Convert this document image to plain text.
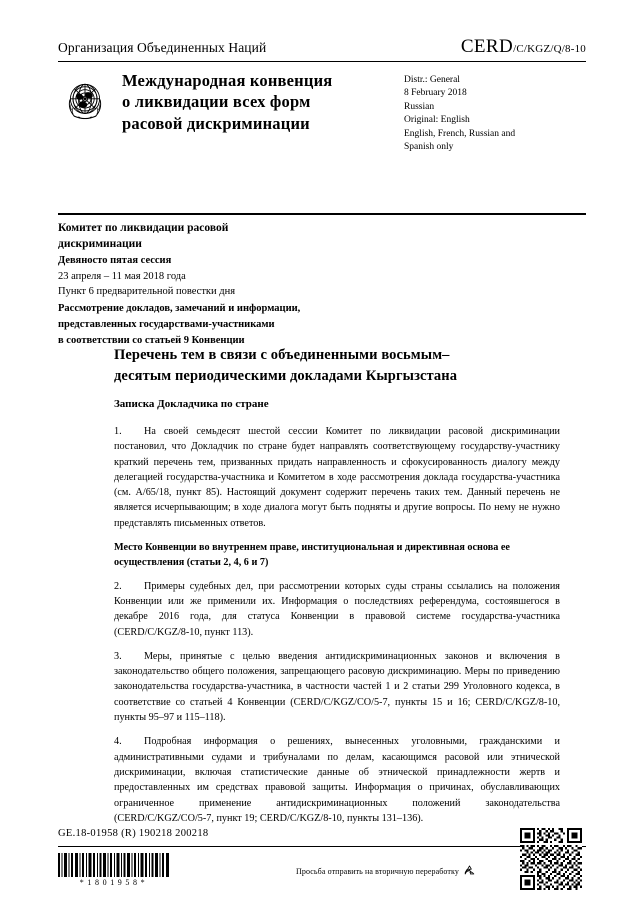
Организация Объединенных Наций	CERD/C/KGZ/Q/8-10
Международная конвенция
о ликвидации всех форм
расовой дискриминации
Distr.: General
8 February 2018
Russian
Original: English
English, French, Russian and
Spanish only
Комитет по ликвидации расовой
дискриминации
Девяносто пятая сессия
23 апреля – 11 мая 2018 года
Пункт 6 предварительной повестки дня
Рассмотрение докладов, замечаний и информации,
представленных государствами-участниками
в соответствии со статьей 9 Конвенции
Перечень тем в связи с объединенными восьмым–
десятым периодическими докладами Кыргызстана
Записка Докладчика по стране

1. На своей семьдесят шестой сессии Комитет по ликвидации расовой дискриминации постановил, что Докладчик по стране будет направлять соответствующему государству-участнику краткий перечень тем, призванных придать направленность и сфокусированность диалогу между делегацией государства-участника и Комитетом в ходе рассмотрения доклада государства-участника (см. A/65/18, пункт 85). Настоящий документ содержит перечень таких тем. Данный перечень не является исчерпывающим; в ходе диалога могут быть подняты и другие вопросы. По нему не нужно представлять письменных ответов.

Место Конвенции во внутреннем праве, институциональная и директивная основа ее осуществления (статьи 2, 4, 6 и 7)

2. Примеры судебных дел, при рассмотрении которых суды страны ссылались на положения Конвенции или же применили их. Информация о последствиях референдума, состоявшегося в декабре 2016 года, для статуса Конвенции в правовой системе государства-участника (CERD/C/KGZ/8-10, пункт 113).

3. Меры, принятые с целью введения антидискриминационных законов и включения в законодательство общего положения, запрещающего расовую дискриминацию. Меры по приведению законодательства государства-участника, в частности частей 1 и 2 статьи 299 Уголовного кодекса, в соответствие со статьей 4 Конвенции (CERD/C/KGZ/CO/5-7, пункты 15 и 16; CERD/C/KGZ/8-10, пункты 95–97 и 115–118).

4. Подробная информация о решениях, вынесенных уголовными, гражданскими и административными судами и трибуналами по делам, касающимся расовой или этнической дискриминации, включая статистические данные об этнической принадлежности жертв и предоставленных им средствах правовой защиты. Информация о причинах, обуславливающих ограниченное применение антидискриминационных положений законодательства (CERD/C/KGZ/CO/5-7, пункт 19; CERD/C/KGZ/8-10, пункты 131–136).

GE.18-01958 (R) 190218 200218
*1801958*
Просьба отправить на вторичную переработку
